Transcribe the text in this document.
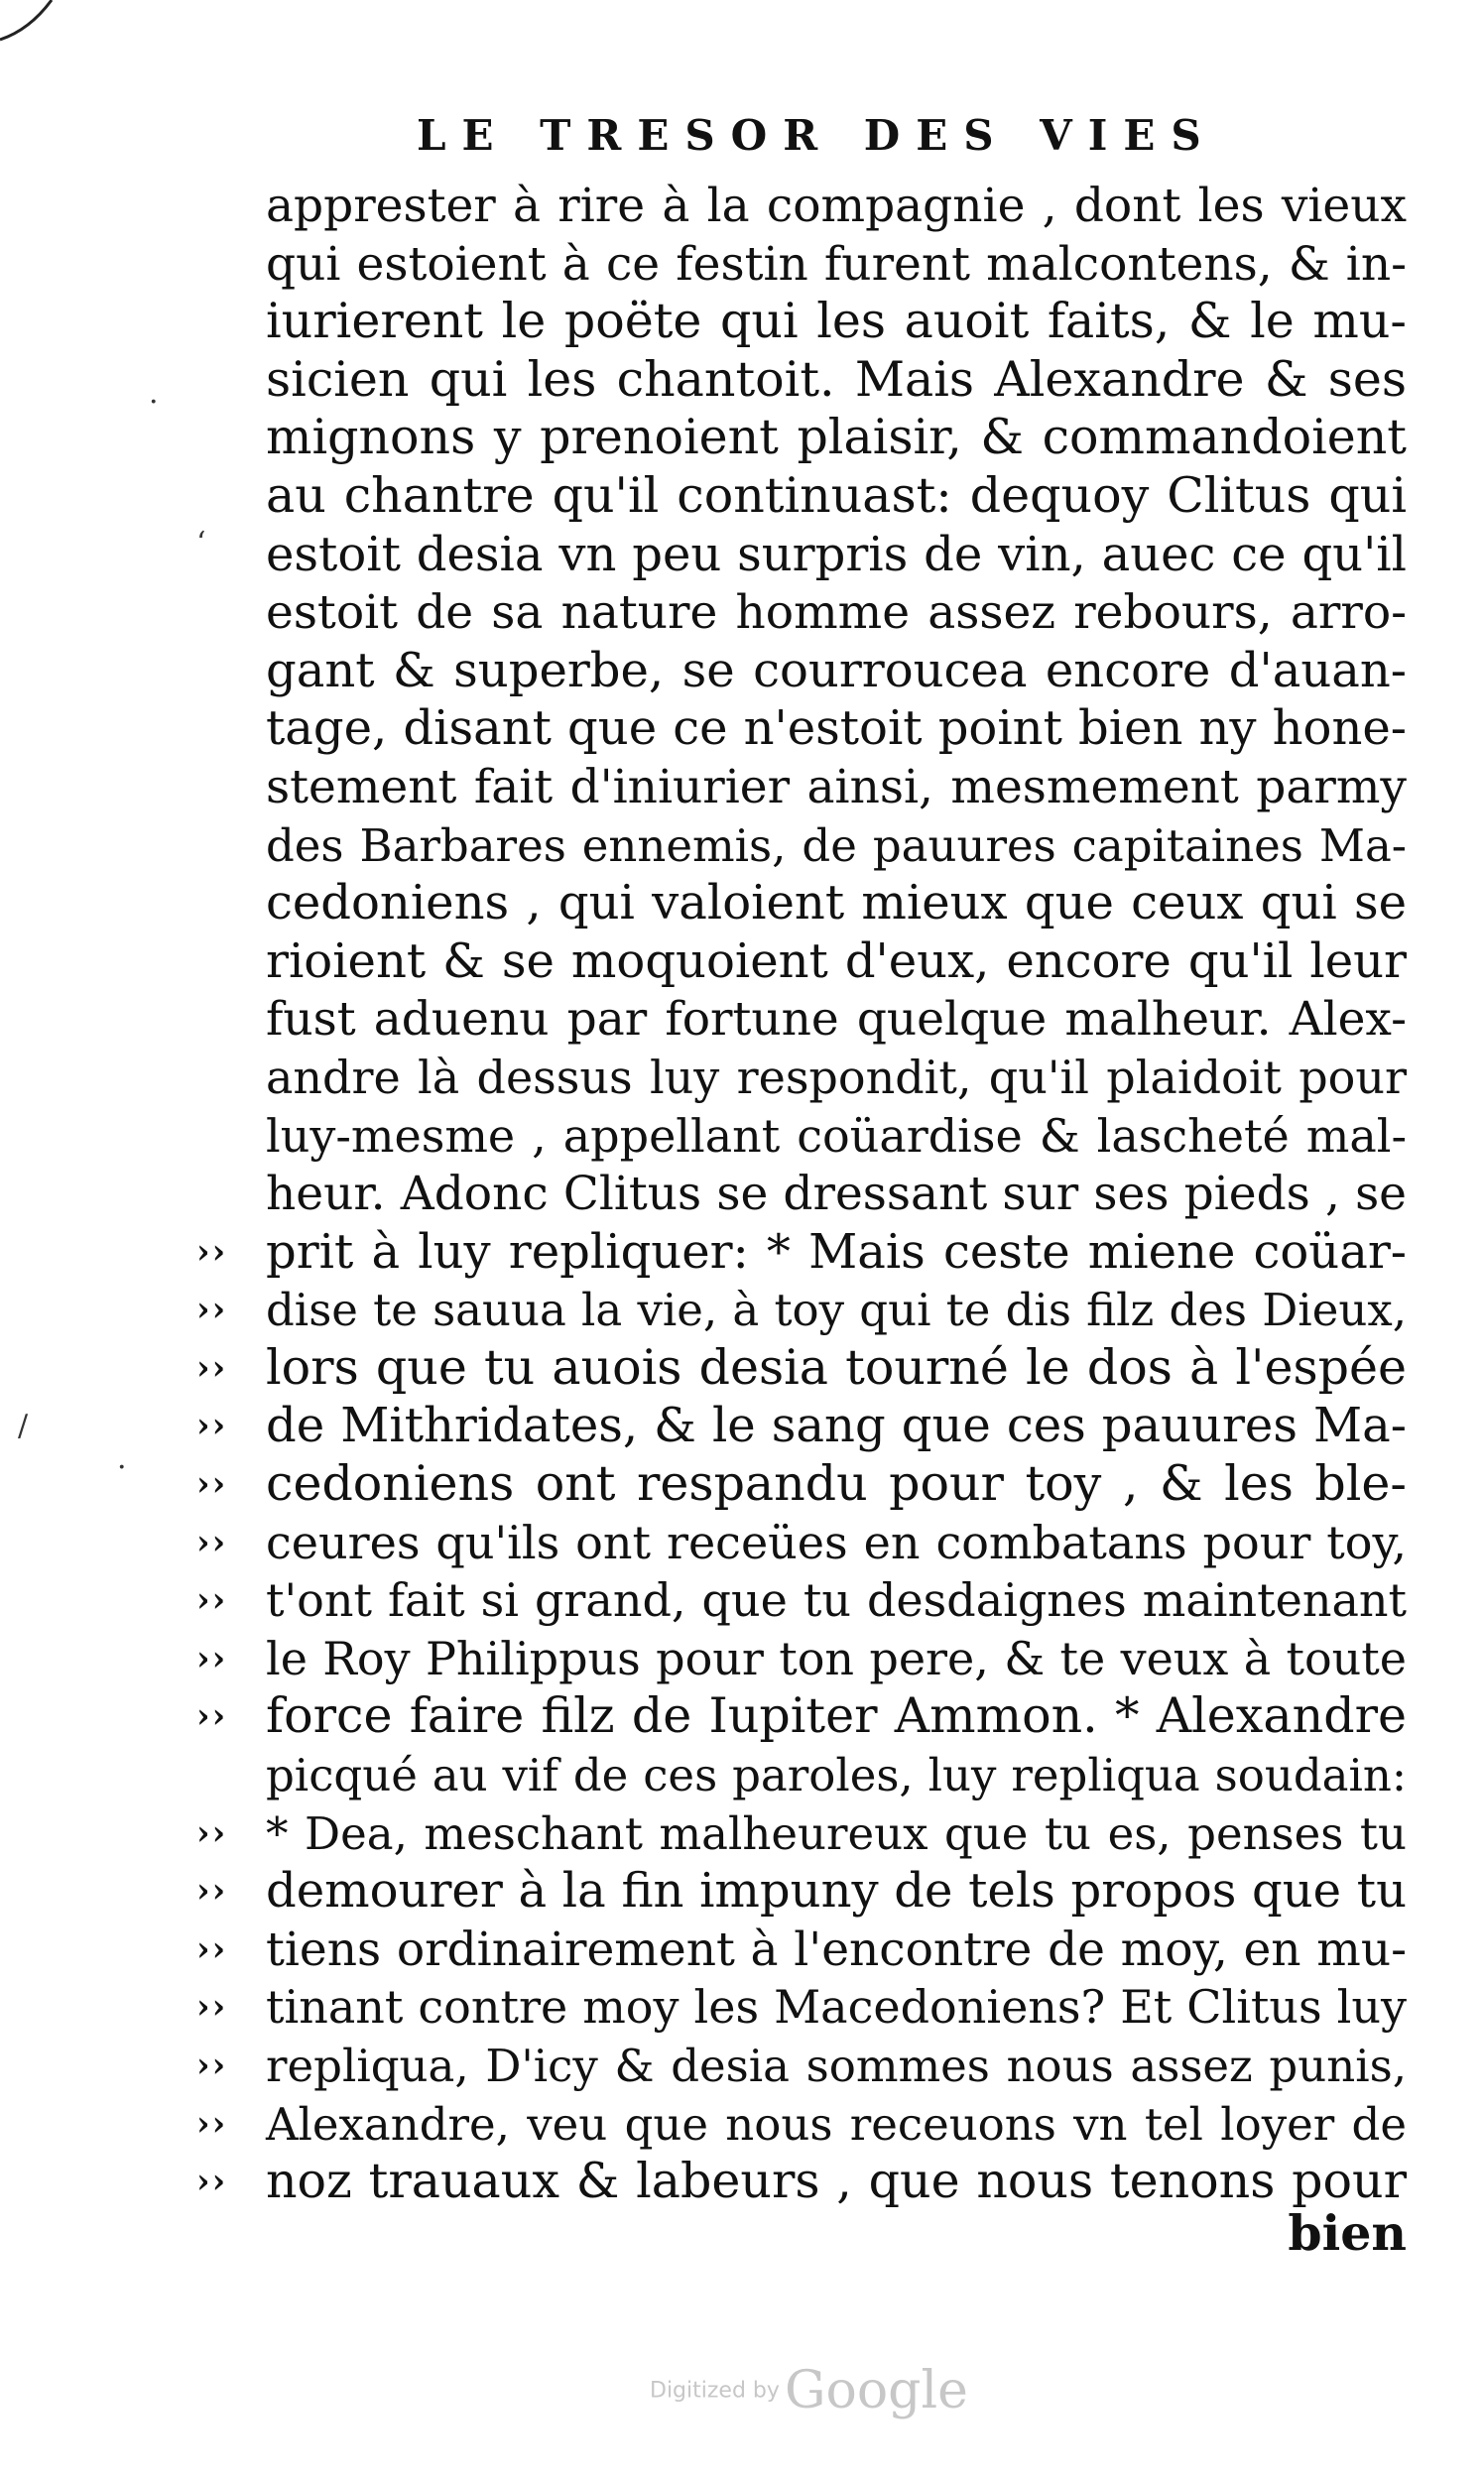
LE TRESOR DES VIES
apprester à rire à la compagnie , dont les vieux
qui estoient à ce festin furent malcontens, & in-
iurierent le poëte qui les auoit faits, & le mu-
sicien qui les chantoit. Mais Alexandre & ses
mignons y prenoient plaisir, & commandoient
au chantre qu'il continuast: dequoy Clitus qui
estoit desia vn peu surpris de vin, auec ce qu'il
estoit de sa nature homme assez rebours, arro-
gant & superbe, se courroucea encore d'auan-
tage, disant que ce n'estoit point bien ny hone-
stement fait d'iniurier ainsi, mesmement parmy
des Barbares ennemis, de pauures capitaines Ma-
cedoniens , qui valoient mieux que ceux qui se
rioient & se moquoient d'eux, encore qu'il leur
fust aduenu par fortune quelque malheur. Alex-
andre là dessus luy respondit, qu'il plaidoit pour
luy-mesme , appellant coüardise & lascheté mal-
heur. Adonc Clitus se dressant sur ses pieds , se
›› prit à luy repliquer: * Mais ceste miene coüar-
›› dise te sauua la vie, à toy qui te dis filz des Dieux,
›› lors que tu auois desia tourné le dos à l'espée
›› de Mithridates, & le sang que ces pauures Ma-
›› cedoniens ont respandu pour toy , & les ble-
›› ceures qu'ils ont receües en combatans pour toy,
›› t'ont fait si grand, que tu desdaignes maintenant
›› le Roy Philippus pour ton pere, & te veux à toute
›› force faire filz de Iupiter Ammon. * Alexandre
picqué au vif de ces paroles, luy repliqua soudain:
›› * Dea, meschant malheureux que tu es, penses tu
›› demourer à la fin impuny de tels propos que tu
›› tiens ordinairement à l'encontre de moy, en mu-
›› tinant contre moy les Macedoniens? Et Clitus luy
›› repliqua, D'icy & desia sommes nous assez punis,
›› Alexandre, veu que nous receuons vn tel loyer de
›› noz trauaux & labeurs , que nous tenons pour
bien
·
ʻ
/
·
Digitized by Google
